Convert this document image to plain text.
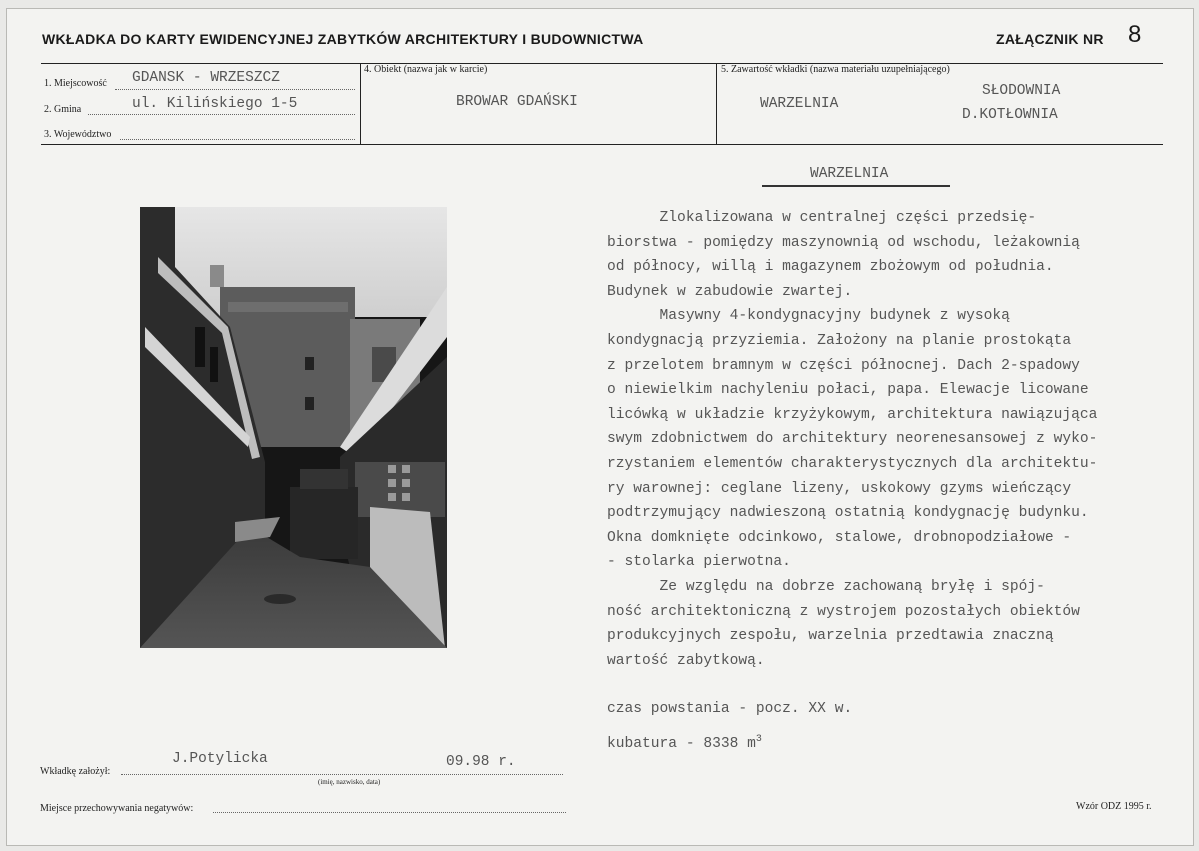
WKŁADKA DO KARTY EWIDENCYJNEJ ZABYTKÓW ARCHITEKTURY I BUDOWNICTWA	ZAŁĄCZNIK NR 8
1. Miejscowość GDANSK - WRZESZCZ
2. Gmina	ul. Kilińskiego 1-5
3. Województwo
4. Obiekt (nazwa jak w karcie)
BROWAR GDAŃSKI
5. Zawartość wkładki (nazwa materiału uzupełniającego)
WARZELNIA
SŁODOWNIA
D.KOTŁOWNIA
WARZELNIA
Zlokalizowana w centralnej części przedsię-
biorstwa - pomiędzy maszynownią od wschodu, leżakownią
od północy, willą i magazynem zbożowym od południa.
Budynek w zabudowie zwartej.
Masywny 4-kondygnacyjny budynek z wysoką
kondygnacją przyziemia. Założony na planie prostokąta
z przelotem bramnym w części północnej. Dach 2-spadowy
o niewielkim nachyleniu połaci, papa. Elewacje licowane
licówką w układzie krzyżykowym, architektura nawiązująca
swym zdobnictwem do architektury neorenesansowej z wyko-
rzystaniem elementów charakterystycznych dla architektu-
ry warownej: ceglane lizeny, uskokowy gzyms wieńczący
podtrzymujący nadwieszoną ostatnią kondygnację budynku.
Okna domknięte odcinkowo, stalowe, drobnopodziałowe -
- stolarka pierwotna.
Ze względu na dobrze zachowaną bryłę i spój-
ność architektoniczną z wystrojem pozostałych obiektów
produkcyjnych zespołu, warzelnia przedtawia znaczną
wartość zabytkową.
czas powstania - pocz. XX w.
kubatura - 8338 $m^3$
Wkładkę założył:
J.Potylicka	09.98 r.
(imię, nazwisko, data)
Miejsce przechowywania negatywów:	Wzór ODZ 1995 r.
